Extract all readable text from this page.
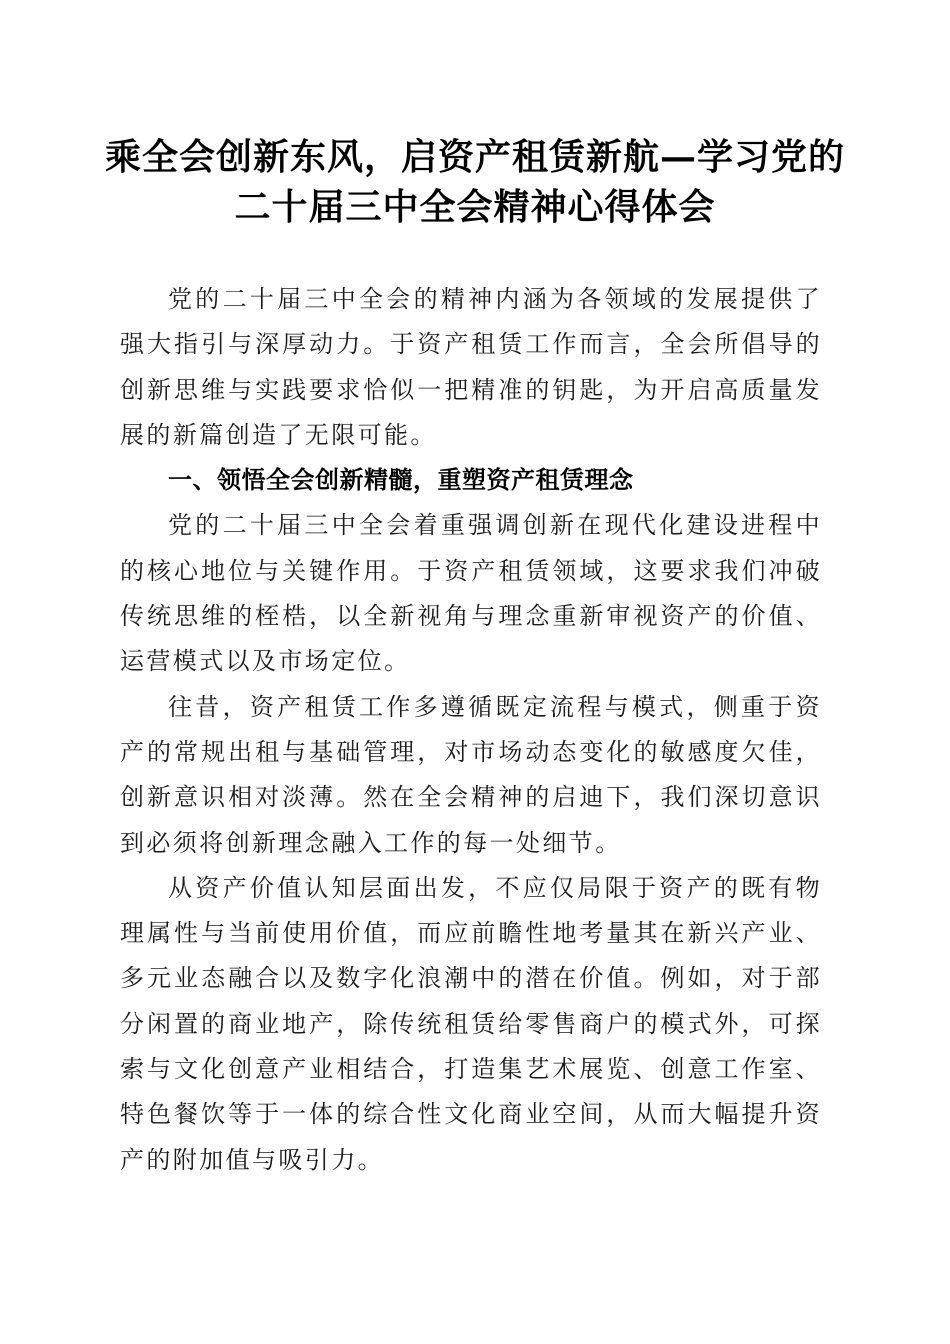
乘全会创新东风，启资产租赁新航—学习党的
二十届三中全会精神心得体会

党的二十届三中全会的精神内涵为各领域的发展提供了强大指引与深厚动力。于资产租赁工作而言，全会所倡导的创新思维与实践要求恰似一把精准的钥匙，为开启高质量发展的新篇创造了无限可能。

一、领悟全会创新精髓，重塑资产租赁理念

党的二十届三中全会着重强调创新在现代化建设进程中的核心地位与关键作用。于资产租赁领域，这要求我们冲破传统思维的桎梏，以全新视角与理念重新审视资产的价值、运营模式以及市场定位。

往昔，资产租赁工作多遵循既定流程与模式，侧重于资产的常规出租与基础管理，对市场动态变化的敏感度欠佳，创新意识相对淡薄。然在全会精神的启迪下，我们深切意识到必须将创新理念融入工作的每一处细节。

从资产价值认知层面出发，不应仅局限于资产的既有物理属性与当前使用价值，而应前瞻性地考量其在新兴产业、多元业态融合以及数字化浪潮中的潜在价值。例如，对于部分闲置的商业地产，除传统租赁给零售商户的模式外，可探索与文化创意产业相结合，打造集艺术展览、创意工作室、特色餐饮等于一体的综合性文化商业空间，从而大幅提升资产的附加值与吸引力。
